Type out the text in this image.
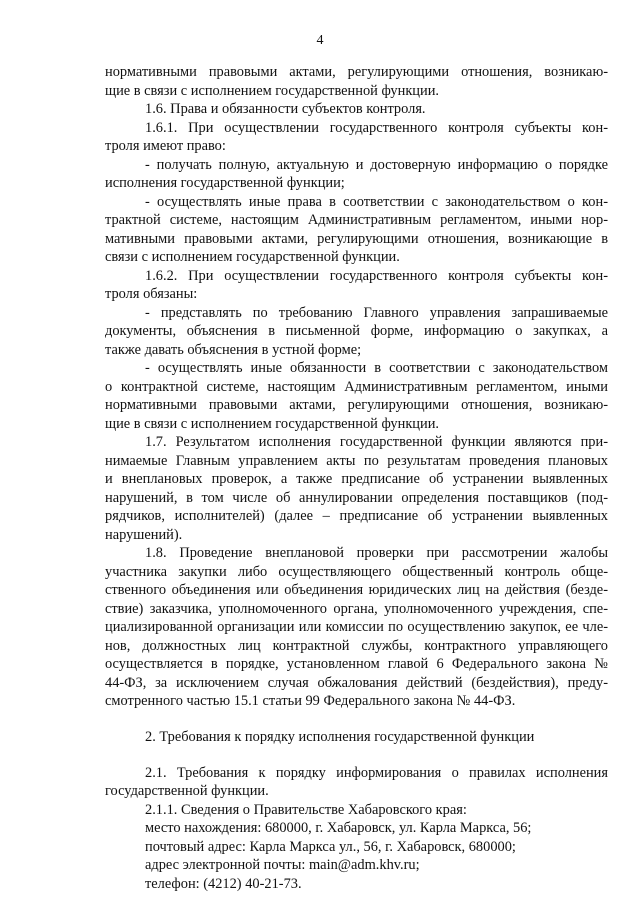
4
нормативными правовыми актами, регулирующими отношения, возникаю-
щие в связи с исполнением государственной функции.
1.6. Права и обязанности субъектов контроля.
1.6.1. При осуществлении государственного контроля субъекты кон-
троля имеют право:
- получать полную, актуальную и достоверную информацию о порядке
исполнения государственной функции;
- осуществлять иные права в соответствии с законодательством о кон-
трактной системе, настоящим Административным регламентом, иными нор-
мативными правовыми актами, регулирующими отношения, возникающие в
связи с исполнением государственной функции.
1.6.2. При осуществлении государственного контроля субъекты кон-
троля обязаны:
- представлять по требованию Главного управления запрашиваемые
документы, объяснения в письменной форме, информацию о закупках, а
также давать объяснения в устной форме;
- осуществлять иные обязанности в соответствии с законодательством
о контрактной системе, настоящим Административным регламентом, иными
нормативными правовыми актами, регулирующими отношения, возникаю-
щие в связи с исполнением государственной функции.
1.7. Результатом исполнения государственной функции являются при-
нимаемые Главным управлением акты по результатам проведения плановых
и внеплановых проверок, а также предписание об устранении выявленных
нарушений, в том числе об аннулировании определения поставщиков (под-
рядчиков, исполнителей) (далее – предписание об устранении выявленных
нарушений).
1.8. Проведение внеплановой проверки при рассмотрении жалобы
участника закупки либо осуществляющего общественный контроль обще-
ственного объединения или объединения юридических лиц на действия (безде-
ствие) заказчика, уполномоченного органа, уполномоченного учреждения, спе-
циализированной организации или комиссии по осуществлению закупок, ее чле-
нов, должностных лиц контрактной службы, контрактного управляющего
осуществляется в порядке, установленном главой 6 Федерального закона №
44-ФЗ, за исключением случая обжалования действий (бездействия), преду-
смотренного частью 15.1 статьи 99 Федерального закона № 44-ФЗ.
2. Требования к порядку исполнения государственной функции
2.1. Требования к порядку информирования о правилах исполнения
государственной функции.
2.1.1. Сведения о Правительстве Хабаровского края:
место нахождения: 680000, г. Хабаровск, ул. Карла Маркса, 56;
почтовый адрес: Карла Маркса ул., 56, г. Хабаровск, 680000;
адрес электронной почты: main@adm.khv.ru;
телефон: (4212) 40-21-73.
